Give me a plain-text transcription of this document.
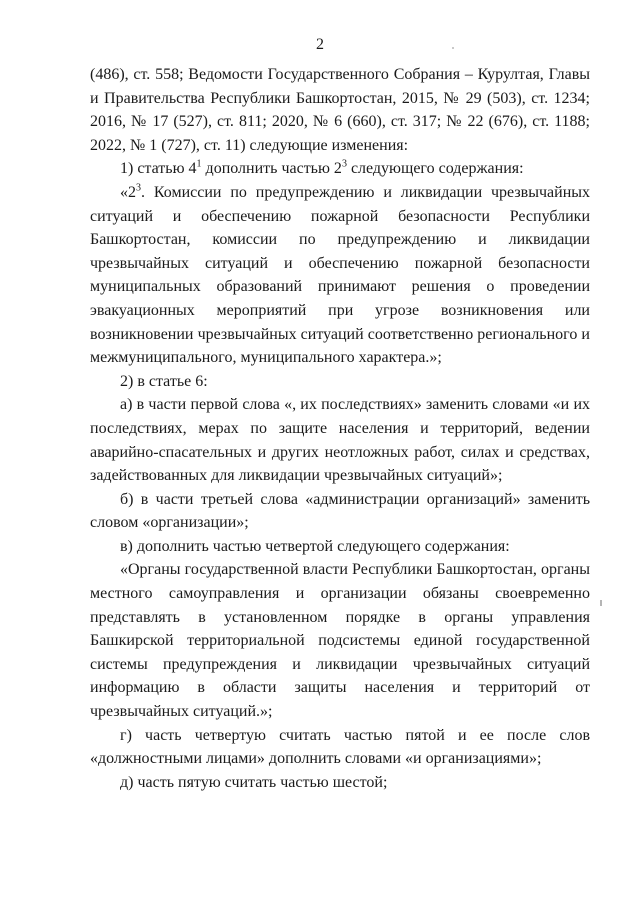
2

(486), ст. 558; Ведомости Государственного Собрания – Курултая, Главы и Правительства Республики Башкортостан, 2015, № 29 (503), ст. 1234; 2016, № 17 (527), ст. 811; 2020, № 6 (660), ст. 317; № 22 (676), ст. 1188; 2022, № 1 (727), ст. 11) следующие изменения:

1) статью $4^1$ дополнить частью $2^3$ следующего содержания:

«$2^3$. Комиссии по предупреждению и ликвидации чрезвычайных ситуаций и обеспечению пожарной безопасности Республики Башкортостан, комиссии по предупреждению и ликвидации чрезвычайных ситуаций и обеспечению пожарной безопасности муниципальных образований принимают решения о проведении эвакуационных мероприятий при угрозе возникновения или возникновении чрезвычайных ситуаций соответственно регионального и межмуниципального, муниципального характера.»;

2) в статье 6:

а) в части первой слова «, их последствиях» заменить словами «и их последствиях, мерах по защите населения и территорий, ведении аварийно-спасательных и других неотложных работ, силах и средствах, задействованных для ликвидации чрезвычайных ситуаций»;

б) в части третьей слова «администрации организаций» заменить словом «организации»;

в) дополнить частью четвертой следующего содержания:

«Органы государственной власти Республики Башкортостан, органы местного самоуправления и организации обязаны своевременно представлять в установленном порядке в органы управления Башкирской территориальной подсистемы единой государственной системы предупреждения и ликвидации чрезвычайных ситуаций информацию в области защиты населения и территорий от чрезвычайных ситуаций.»;

г) часть четвертую считать частью пятой и ее после слов «должностными лицами» дополнить словами «и организациями»;

д) часть пятую считать частью шестой;
